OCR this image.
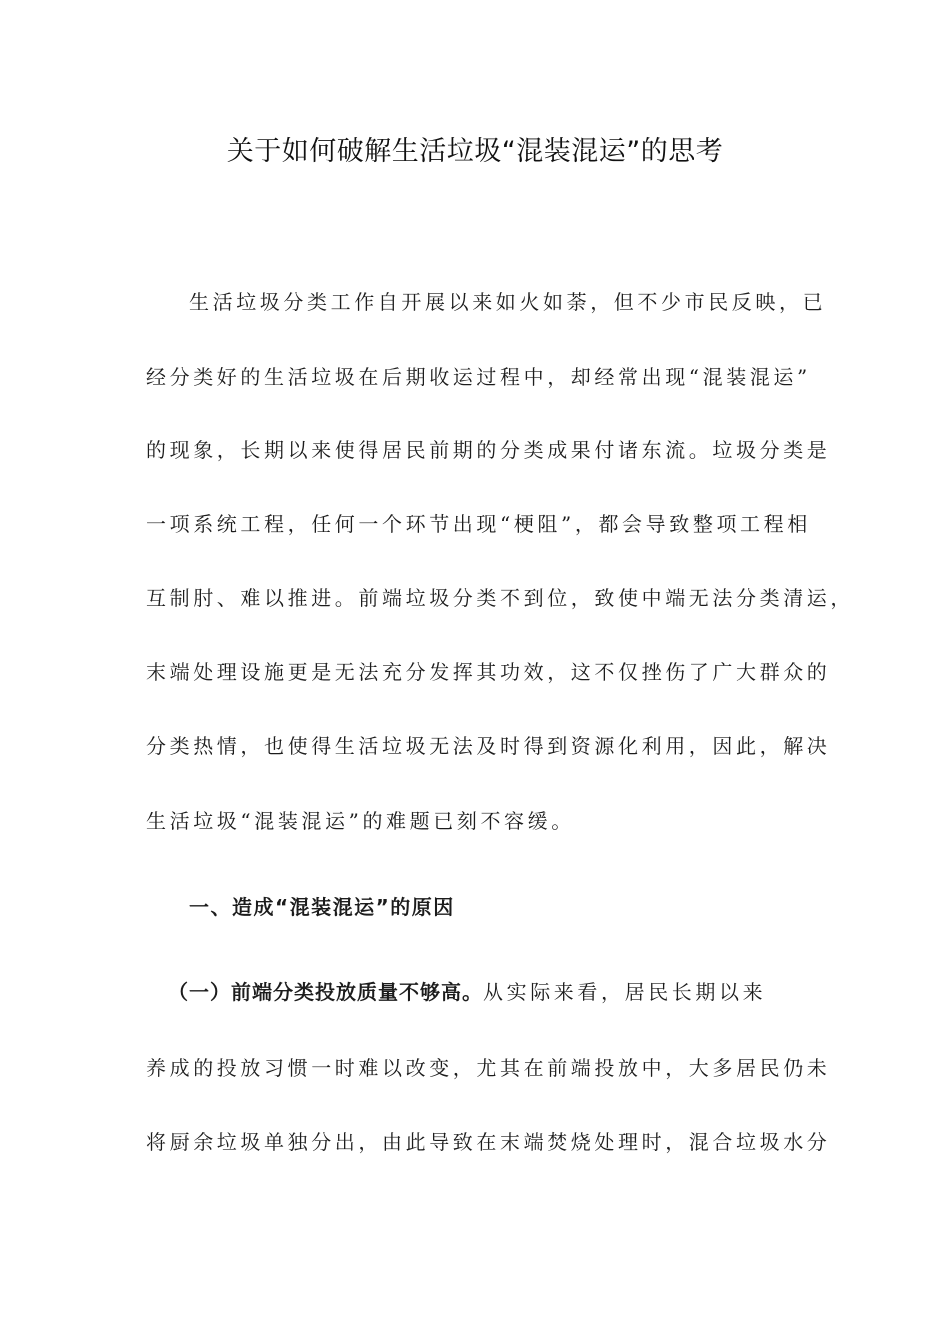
关于如何破解生活垃圾“混装混运”的思考
生活垃圾分类工作自开展以来如火如荼，但不少市民反映，已
经分类好的生活垃圾在后期收运过程中，却经常出现“混装混运”
的现象，长期以来使得居民前期的分类成果付诸东流。垃圾分类是
一项系统工程，任何一个环节出现“梗阻”，都会导致整项工程相
互制肘、难以推进。前端垃圾分类不到位，致使中端无法分类清运，
末端处理设施更是无法充分发挥其功效，这不仅挫伤了广大群众的
分类热情，也使得生活垃圾无法及时得到资源化利用，因此，解决
生活垃圾“混装混运”的难题已刻不容缓。
一、造成“混装混运”的原因
（一）前端分类投放质量不够高。从实际来看，居民长期以来
养成的投放习惯一时难以改变，尤其在前端投放中，大多居民仍未
将厨余垃圾单独分出，由此导致在末端焚烧处理时，混合垃圾水分
